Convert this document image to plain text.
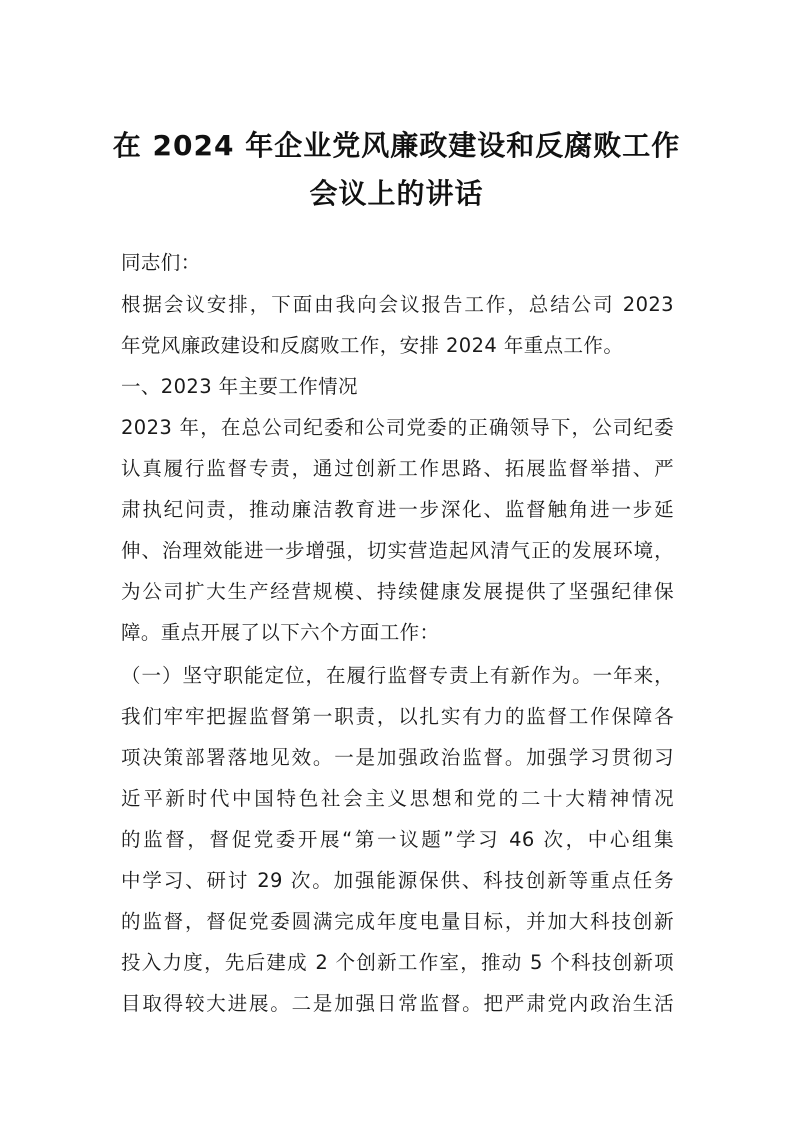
在 2024 年企业党风廉政建设和反腐败工作
会议上的讲话
同志们：
根据会议安排，下面由我向会议报告工作，总结公司 2023
年党风廉政建设和反腐败工作，安排 2024 年重点工作。
一、2023 年主要工作情况
2023 年，在总公司纪委和公司党委的正确领导下，公司纪委
认真履行监督专责，通过创新工作思路、拓展监督举措、严
肃执纪问责，推动廉洁教育进一步深化、监督触角进一步延
伸、治理效能进一步增强，切实营造起风清气正的发展环境，
为公司扩大生产经营规模、持续健康发展提供了坚强纪律保
障。重点开展了以下六个方面工作：
（一）坚守职能定位，在履行监督专责上有新作为。一年来，
我们牢牢把握监督第一职责，以扎实有力的监督工作保障各
项决策部署落地见效。一是加强政治监督。加强学习贯彻习
近平新时代中国特色社会主义思想和党的二十大精神情况
的监督，督促党委开展“第一议题”学习 46 次，中心组集
中学习、研讨 29 次。加强能源保供、科技创新等重点任务
的监督，督促党委圆满完成年度电量目标，并加大科技创新
投入力度，先后建成 2 个创新工作室，推动 5 个科技创新项
目取得较大进展。二是加强日常监督。把严肃党内政治生活
